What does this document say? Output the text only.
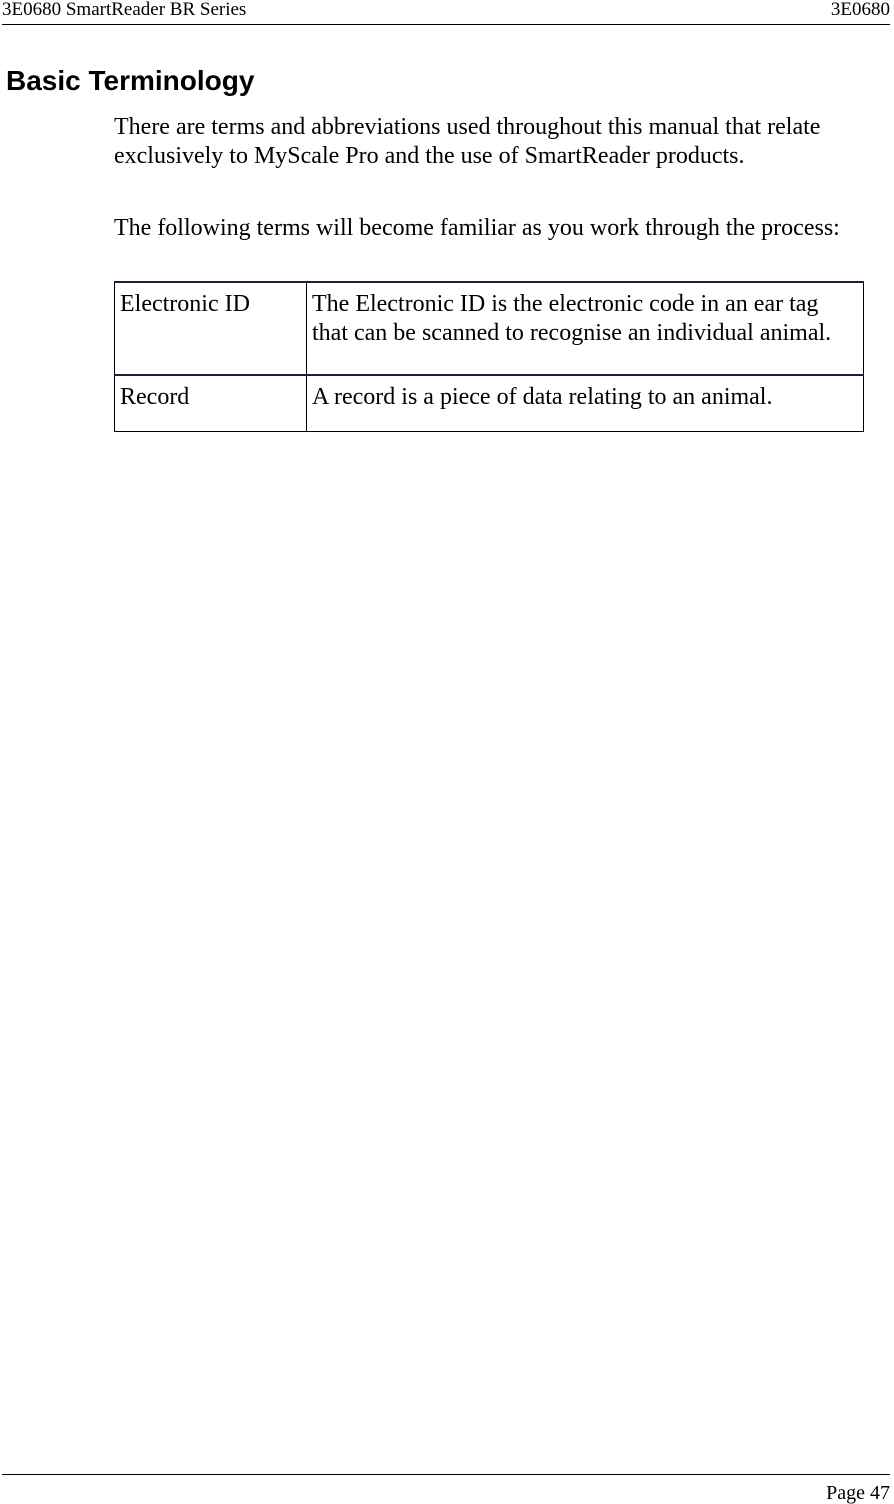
3E0680 SmartReader BR Series	3E0680
Basic Terminology

There are terms and abbreviations used throughout this manual that relate exclusively to MyScale Pro and the use of SmartReader products.

The following terms will become familiar as you work through the process:

Electronic ID	The Electronic ID is the electronic code in an ear tag that can be scanned to recognise an individual animal.
Record	A record is a piece of data relating to an animal.
Page 47
